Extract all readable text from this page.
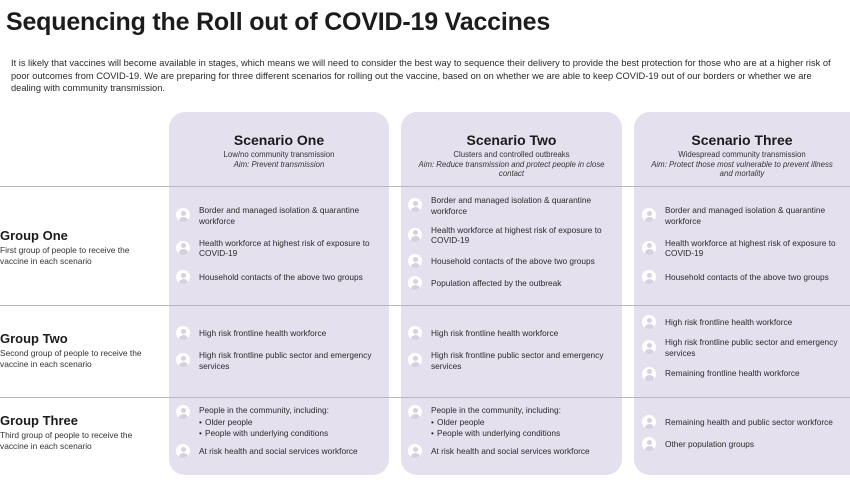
Sequencing the Roll out of COVID-19 Vaccines
It is likely that vaccines will become available in stages, which means we will need to consider the best way to sequence their delivery to provide the best protection for those who are at a higher risk of poor outcomes from COVID-19. We are preparing for three different scenarios for rolling out the vaccine, based on on whether we are able to keep COVID-19 out of our borders or whether we are dealing with community transmission.
Scenario One
Low/no community transmission
Aim: Prevent transmission
Scenario Two
Clusters and controlled outbreaks
Aim: Reduce transmission and protect people in close contact
Scenario Three
Widespread community transmission
Aim: Protect those most vulnerable to prevent illness and mortality
Group One
First group of people to receive the vaccine in each scenario
Group Two
Second group of people to receive the vaccine in each scenario
Group Three
Third group of people to receive the vaccine in each scenario
Border and managed isolation & quarantine workforce
Health workforce at highest risk of exposure to COVID-19
Household contacts of the above two groups
Border and managed isolation & quarantine workforce
Health workforce at highest risk of exposure to COVID-19
Household contacts of the above two groups
Population affected by the outbreak
Border and managed isolation & quarantine workforce
Health workforce at highest risk of exposure to COVID-19
Household contacts of the above two groups
High risk frontline health workforce
High risk frontline public sector and emergency services
High risk frontline health workforce
High risk frontline public sector and emergency services
High risk frontline health workforce
High risk frontline public sector and emergency services
Remaining frontline health workforce
People in the community, including:
• Older people
• People with underlying conditions
At risk health and social services workforce
People in the community, including:
• Older people
• People with underlying conditions
At risk health and social services workforce
Remaining health and public sector workforce
Other population groups
